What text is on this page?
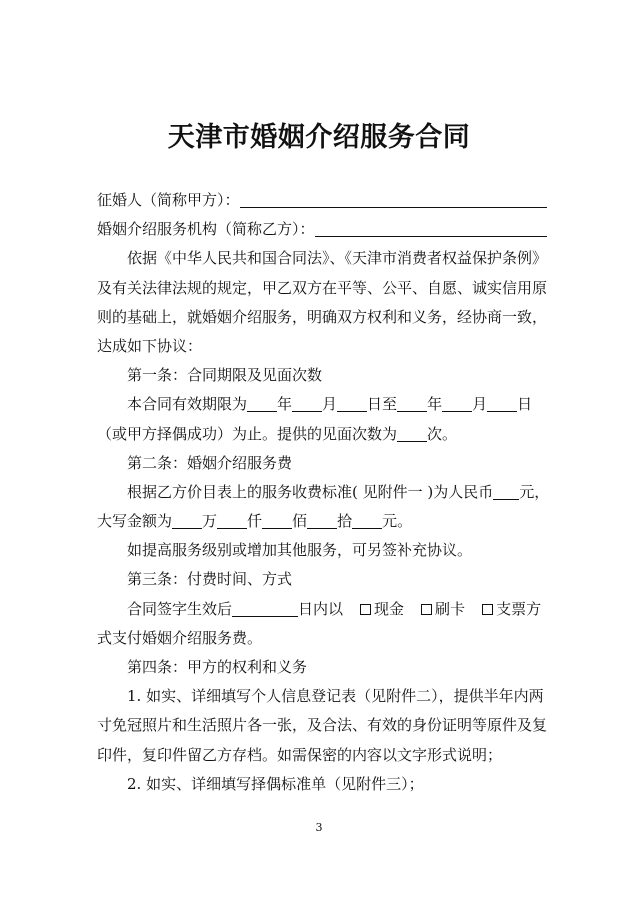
天津市婚姻介绍服务合同
征婚人（简称甲方）：
婚姻介绍服务机构（简称乙方）：
依据《中华人民共和国合同法》、《天津市消费者权益保护条例》
及有关法律法规的规定，甲乙双方在平等、公平、自愿、诚实信用原
则的基础上，就婚姻介绍服务，明确双方权利和义务，经协商一致，
达成如下协议：
第一条：合同期限及见面次数
本合同有效期限为 年 月 日至 年 月 日
（或甲方择偶成功）为止。提供的见面次数为 次。
第二条：婚姻介绍服务费
根据乙方价目表上的服务收费标准( 见附件一 )为人民币 元，
大写金额为 万 仟 佰 拾 元。
如提高服务级别或增加其他服务，可另签补充协议。
第三条：付费时间、方式
合同签字生效后	日内以 现金 刷卡 支票方
式支付婚姻介绍服务费。
第四条：甲方的权利和义务
1. 如实、详细填写个人信息登记表（见附件二），提供半年内两
寸免冠照片和生活照片各一张，及合法、有效的身份证明等原件及复
印件，复印件留乙方存档。如需保密的内容以文字形式说明；
2. 如实、详细填写择偶标准单（见附件三）；
3
